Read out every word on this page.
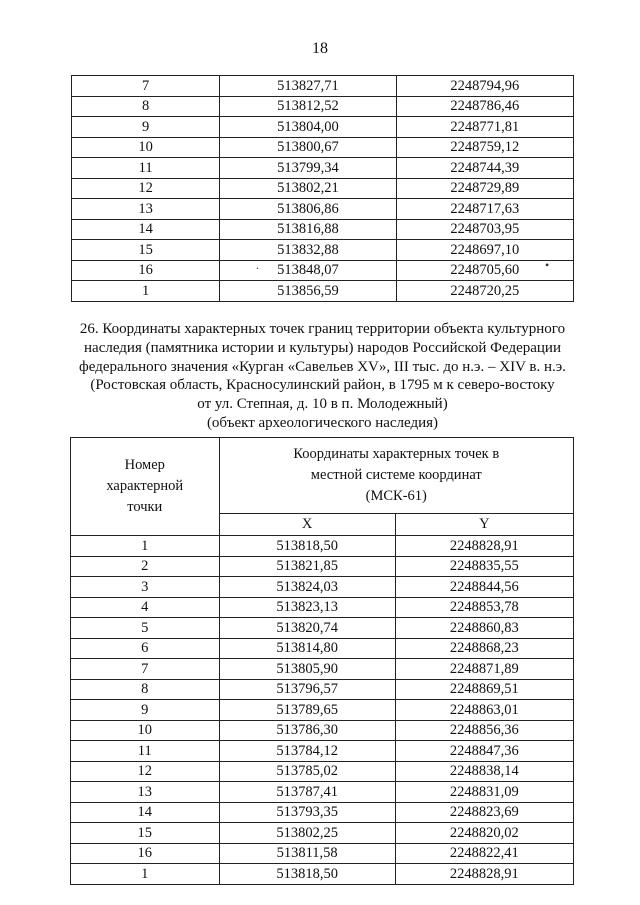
18
7	513827,71	2248794,96
8	513812,52	2248786,46
9	513804,00	2248771,81
10	513800,67	2248759,12
11	513799,34	2248744,39
12	513802,21	2248729,89
13	513806,86	2248717,63
14	513816,88	2248703,95
15	513832,88	2248697,10
16	513848,07	2248705,60
1	513856,59	2248720,25
.	•
26. Координаты характерных точек границ территории объекта культурного
наследия (памятника истории и культуры) народов Российской Федерации
федерального значения «Курган «Савельев XV», III тыс. до н.э. – XIV в. н.э.
(Ростовская область, Красносулинский район, в 1795 м к северо-востоку
от ул. Степная, д. 10 в п. Молодежный)
(объект археологического наследия)
Номер характерной точки	Координаты характерных точек в местной системе координат (МСК-61)	

	X	Y
1	513818,50	2248828,91
2	513821,85	2248835,55
3	513824,03	2248844,56
4	513823,13	2248853,78
5	513820,74	2248860,83
6	513814,80	2248868,23
7	513805,90	2248871,89
8	513796,57	2248869,51
9	513789,65	2248863,01
10	513786,30	2248856,36
11	513784,12	2248847,36
12	513785,02	2248838,14
13	513787,41	2248831,09
14	513793,35	2248823,69
15	513802,25	2248820,02
16	513811,58	2248822,41
1	513818,50	2248828,91
